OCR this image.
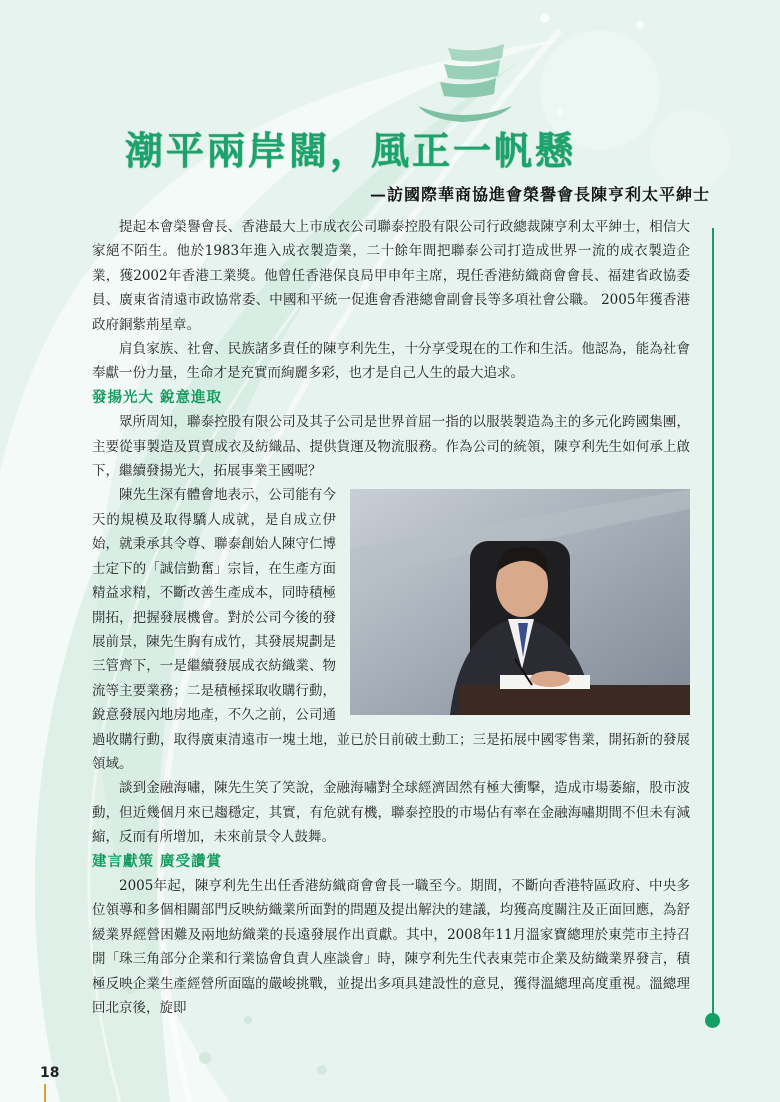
潮平兩岸闊，風正一帆懸
—訪國際華商協進會榮譽會長陳亨利太平紳士

提起本會榮譽會長、香港最大上市成衣公司聯泰控股有限公司行政總裁陳亨利太平紳士，相信大家絕不陌生。他於1983年進入成衣製造業，二十餘年間把聯泰公司打造成世界一流的成衣製造企業，獲2002年香港工業獎。他曾任香港保良局甲申年主席，現任香港紡織商會會長、福建省政協委員、廣東省清遠市政協常委、中國和平統一促進會香港總會副會長等多項社會公職。 2005年獲香港政府銅紫荊星章。

肩負家族、社會、民族諸多責任的陳亨利先生，十分享受現在的工作和生活。他認為，能為社會奉獻一份力量，生命才是充實而絢麗多彩，也才是自己人生的最大追求。

發揚光大 銳意進取

眾所周知，聯泰控股有限公司及其子公司是世界首屈一指的以服裝製造為主的多元化跨國集團，主要從事製造及買賣成衣及紡織品、提供貨運及物流服務。作為公司的統領，陳亨利先生如何承上啟下，繼續發揚光大，拓展事業王國呢？

陳先生深有體會地表示，公司能有今天的規模及取得驕人成就，是自成立伊始，就秉承其令尊、聯泰創始人陳守仁博士定下的「誠信勤奮」宗旨，在生產方面精益求精，不斷改善生產成本，同時積極開拓，把握發展機會。對於公司今後的發展前景，陳先生胸有成竹，其發展規劃是三管齊下，一是繼續發展成衣紡織業、物流等主要業務；二是積極採取收購行動，銳意發展內地房地產，不久之前，公司通過收購行動，取得廣東清遠市一塊土地，並已於日前破土動工；三是拓展中國零售業，開拓新的發展領域。

談到金融海嘯，陳先生笑了笑說，金融海嘯對全球經濟固然有極大衝擊，造成市場萎縮，股市波動，但近幾個月來已趨穩定，其實，有危就有機，聯泰控股的市場佔有率在金融海嘯期間不但未有減縮，反而有所增加，未來前景令人鼓舞。

建言獻策 廣受讚賞

2005年起，陳亨利先生出任香港紡織商會會長一職至今。期間，不斷向香港特區政府、中央多位領導和多個相關部門反映紡織業所面對的問題及提出解決的建議，均獲高度關注及正面回應，為舒緩業界經營困難及兩地紡織業的長遠發展作出貢獻。其中，2008年11月溫家寶總理於東莞市主持召開「珠三角部分企業和行業協會負責人座談會」時，陳亨利先生代表東莞市企業及紡織業界發言，積極反映企業生產經營所面臨的嚴峻挑戰，並提出多項具建設性的意見，獲得溫總理高度重視。溫總理回北京後，旋即

18
